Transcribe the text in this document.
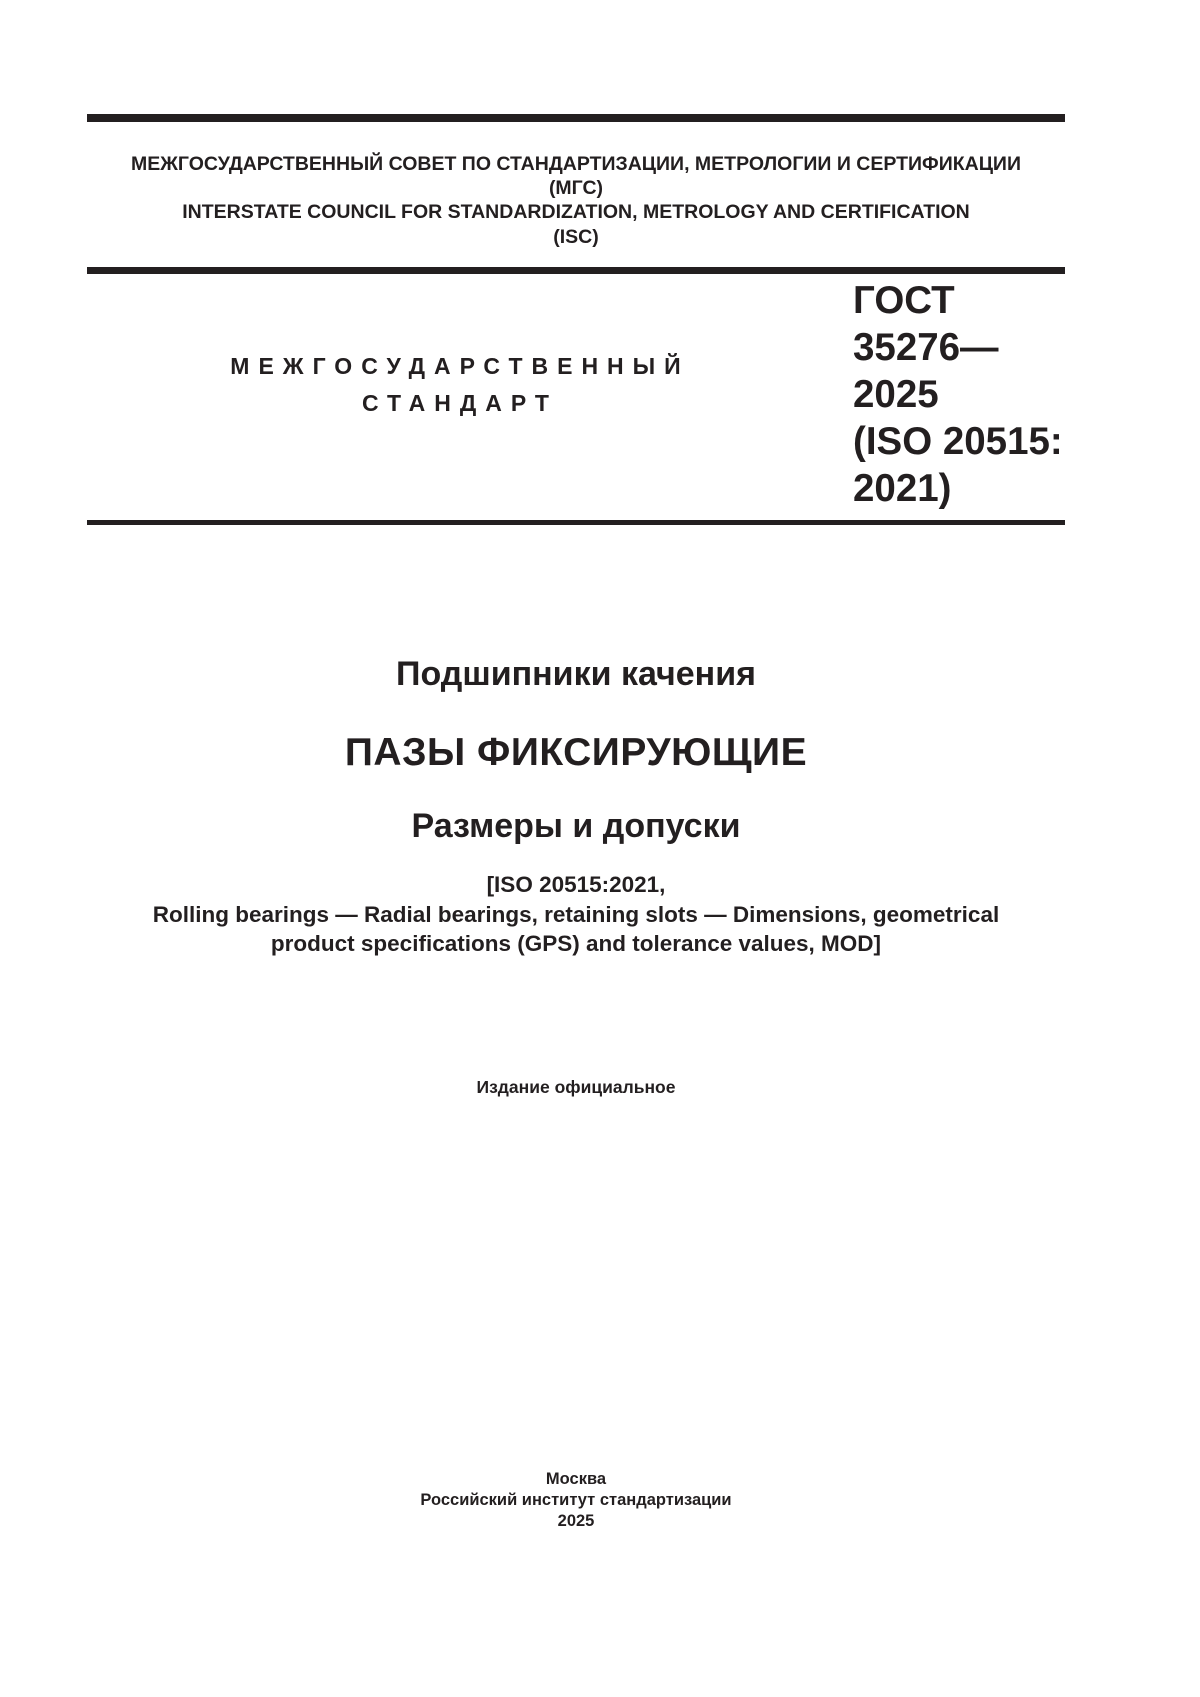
МЕЖГОСУДАРСТВЕННЫЙ СОВЕТ ПО СТАНДАРТИЗАЦИИ, МЕТРОЛОГИИ И СЕРТИФИКАЦИИ
(МГС)
INTERSTATE COUNCIL FOR STANDARDIZATION, METROLOGY AND CERTIFICATION
(ISC)
МЕЖГОСУДАРСТВЕННЫЙ
СТАНДАРТ
ГОСТ
35276—
2025
(ISO 20515:
2021)
Подшипники качения
ПАЗЫ ФИКСИРУЮЩИЕ
Размеры и допуски
[ISO 20515:2021,
Rolling bearings — Radial bearings, retaining slots — Dimensions, geometrical
product specifications (GPS) and tolerance values, MOD]
Издание официальное
Москва
Российский институт стандартизации
2025
